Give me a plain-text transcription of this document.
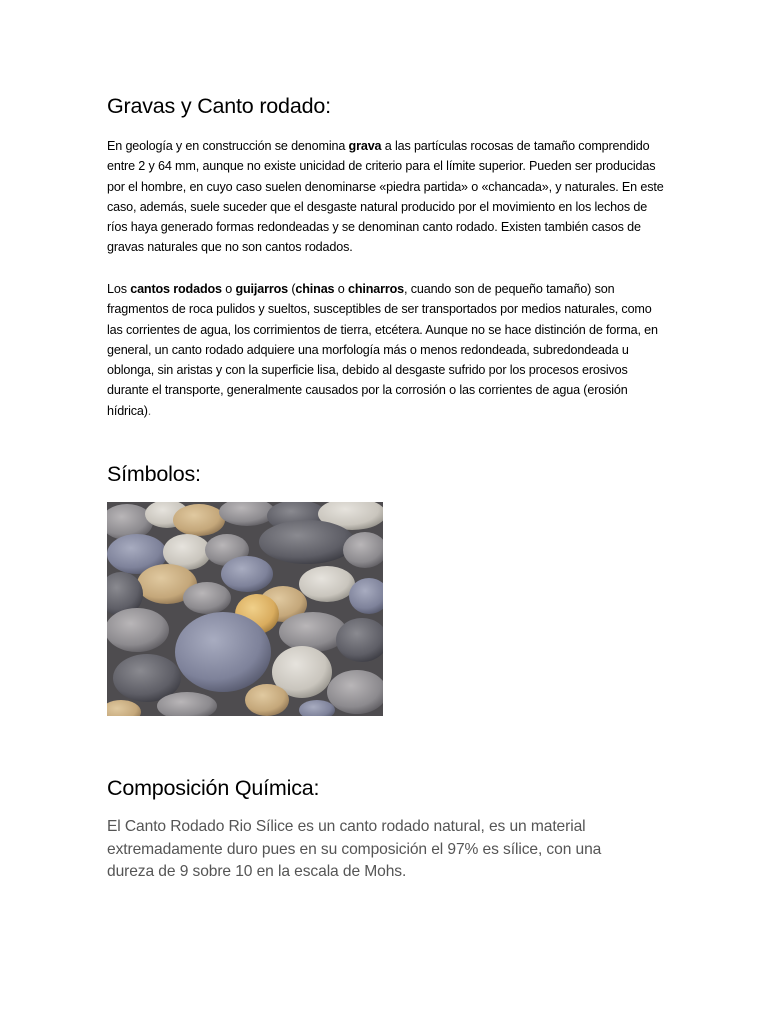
Gravas y Canto rodado:

En geología y en construcción se denomina grava a las partículas rocosas de tamaño comprendido entre 2 y 64 mm, aunque no existe unicidad de criterio para el límite superior. Pueden ser producidas por el hombre, en cuyo caso suelen denominarse «piedra partida» o «chancada», y naturales. En este caso, además, suele suceder que el desgaste natural producido por el movimiento en los lechos de ríos haya generado formas redondeadas y se denominan canto rodado. Existen también casos de gravas naturales que no son cantos rodados.

Los cantos rodados o guijarros (chinas o chinarros, cuando son de pequeño tamaño) son fragmentos de roca pulidos y sueltos, susceptibles de ser transportados por medios naturales, como las corrientes de agua, los corrimientos de tierra, etcétera. Aunque no se hace distinción de forma, en general, un canto rodado adquiere una morfología más o menos redondeada, subredondeada u oblonga, sin aristas y con la superficie lisa, debido al desgaste sufrido por los procesos erosivos durante el transporte, generalmente causados por la corrosión o las corrientes de agua (erosión hídrica).

Símbolos:
Composición Química:

El Canto Rodado Rio Sílice es un canto rodado natural, es un material extremadamente duro pues en su composición el 97% es sílice, con una dureza de 9 sobre 10 en la escala de Mohs.
